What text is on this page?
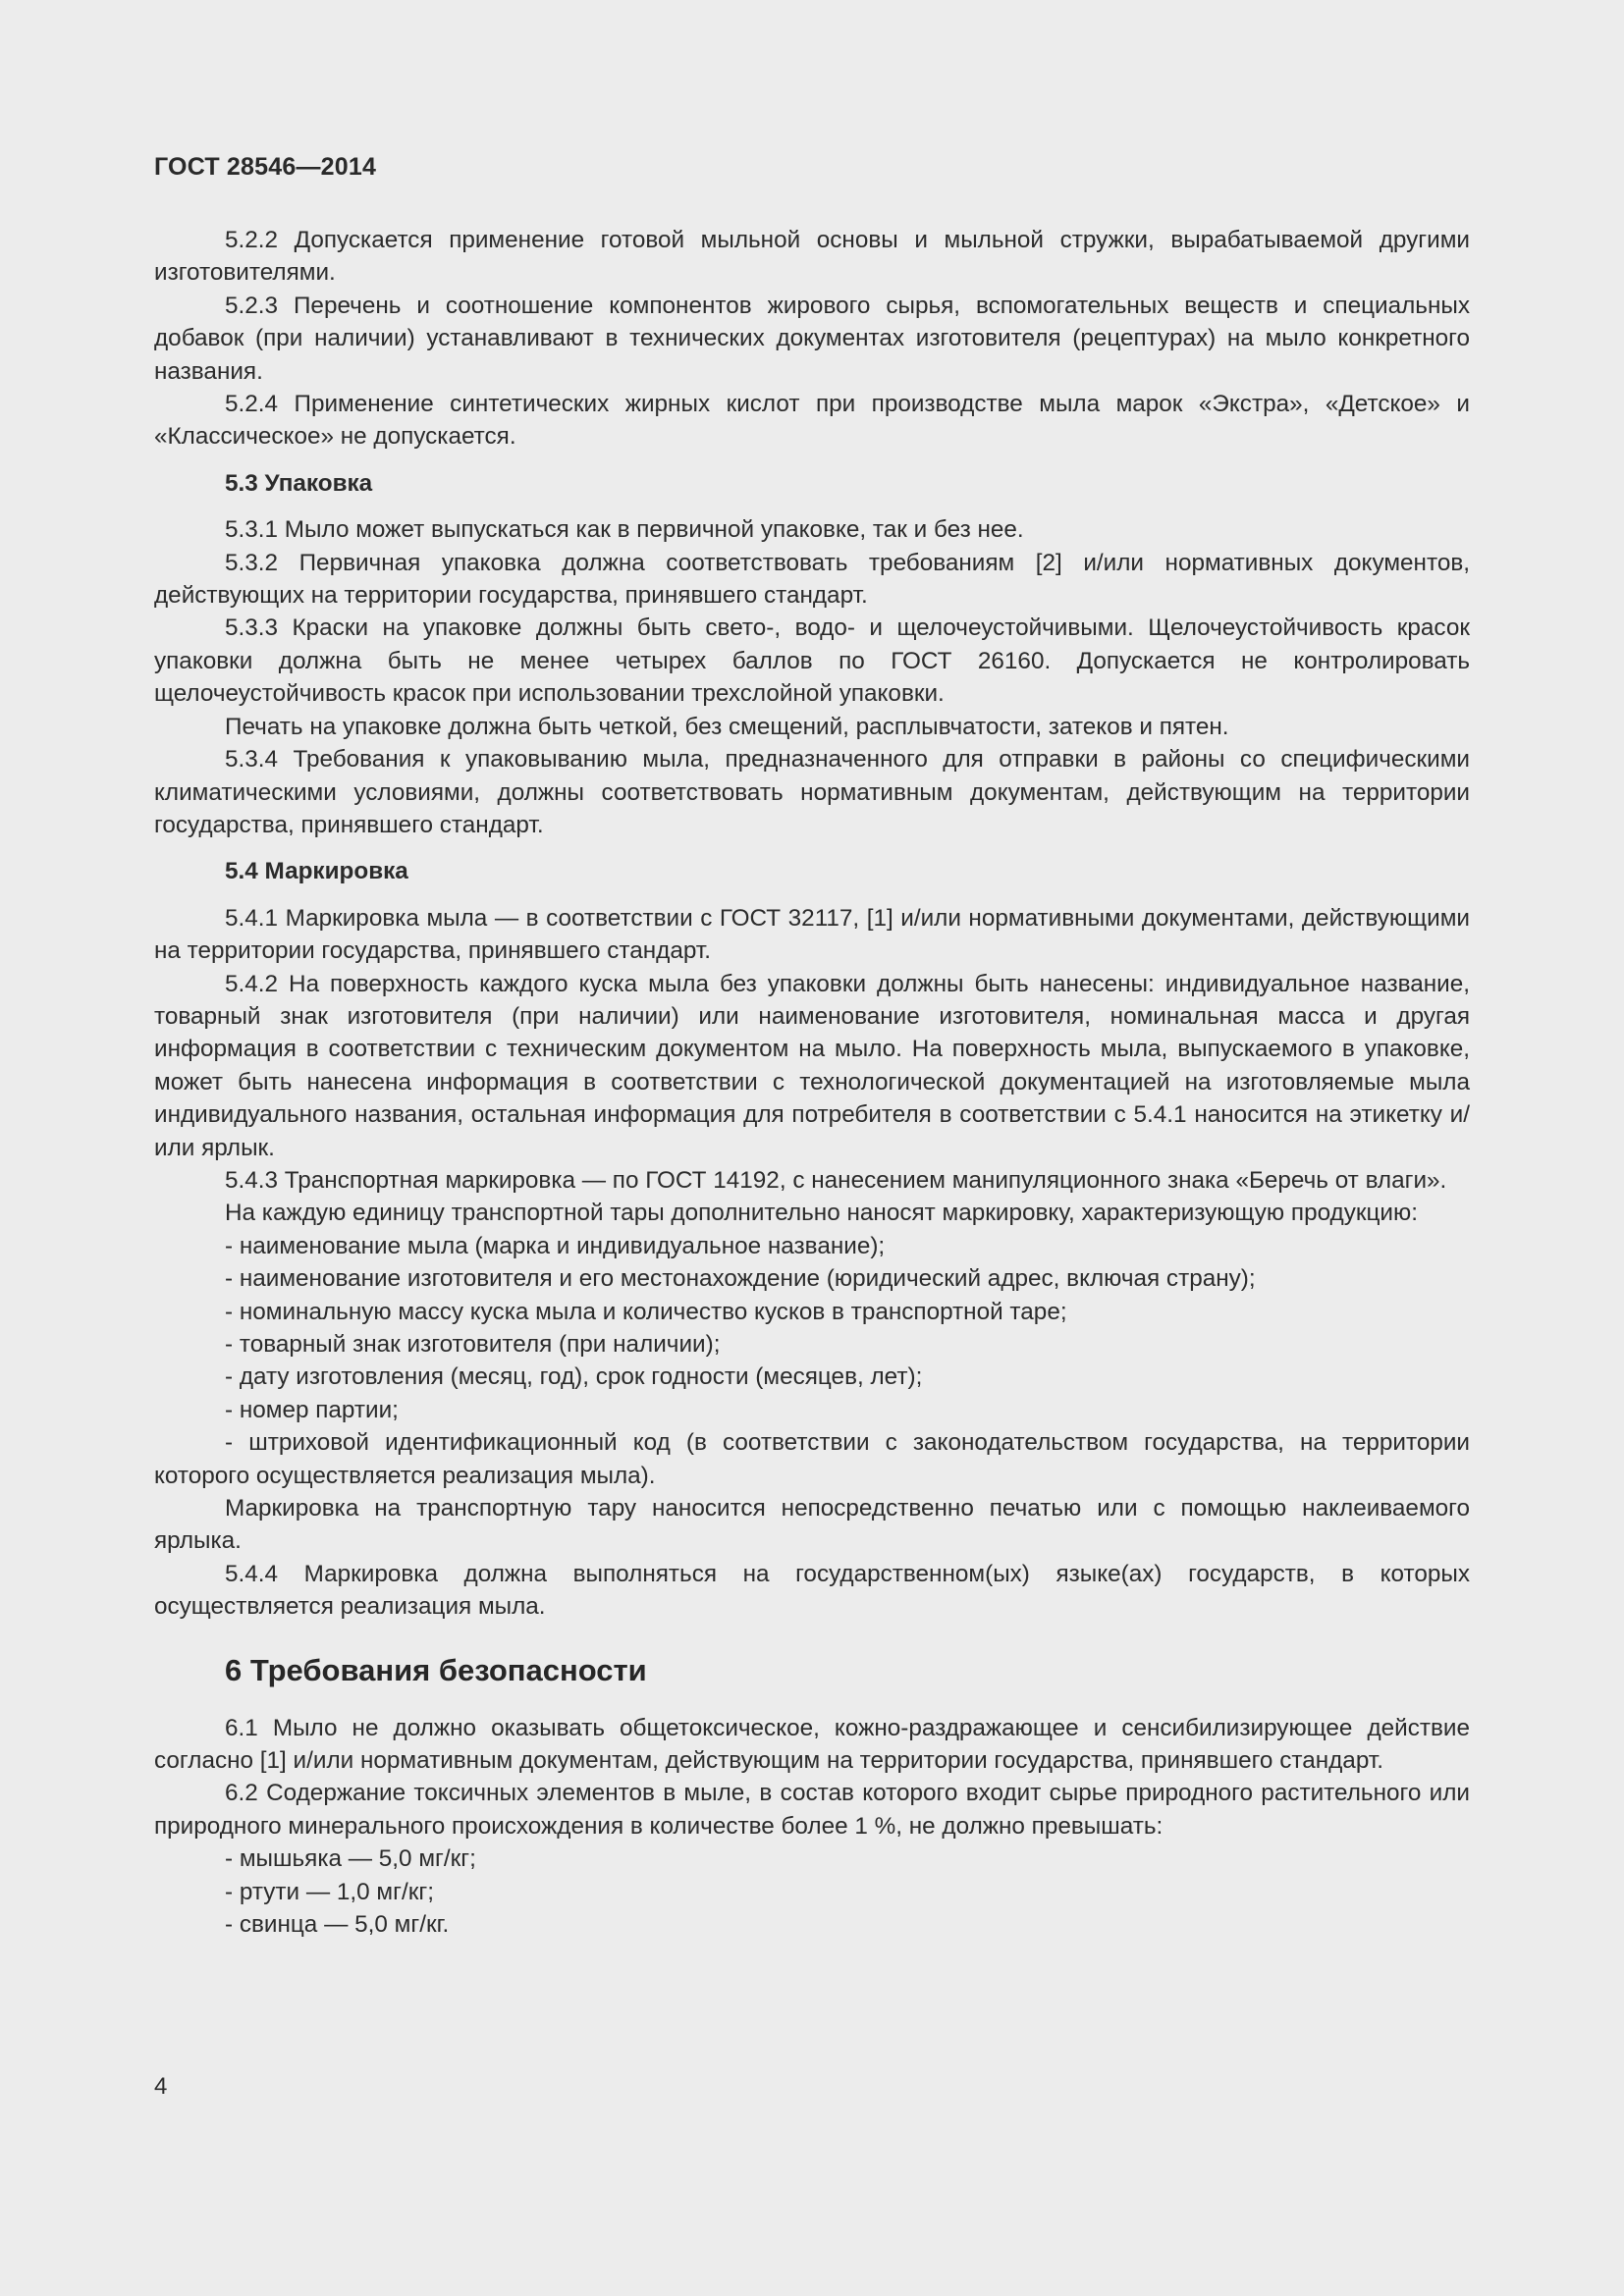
ГОСТ 28546—2014

5.2.2 Допускается применение готовой мыльной основы и мыльной стружки, вырабатываемой другими изготовителями.

5.2.3 Перечень и соотношение компонентов жирового сырья, вспомогательных веществ и специальных добавок (при наличии) устанавливают в технических документах изготовителя (рецептурах) на мыло конкретного названия.

5.2.4 Применение синтетических жирных кислот при производстве мыла марок «Экстра», «Детское» и «Классическое» не допускается.

5.3 Упаковка

5.3.1 Мыло может выпускаться как в первичной упаковке, так и без нее.

5.3.2 Первичная упаковка должна соответствовать требованиям [2] и/или нормативных документов, действующих на территории государства, принявшего стандарт.

5.3.3 Краски на упаковке должны быть свето-, водо- и щелочеустойчивыми. Щелочеустойчивость красок упаковки должна быть не менее четырех баллов по ГОСТ 26160. Допускается не контролировать щелочеустойчивость красок при использовании трехслойной упаковки.

Печать на упаковке должна быть четкой, без смещений, расплывчатости, затеков и пятен.

5.3.4 Требования к упаковыванию мыла, предназначенного для отправки в районы со специфическими климатическими условиями, должны соответствовать нормативным документам, действующим на территории государства, принявшего стандарт.

5.4 Маркировка

5.4.1 Маркировка мыла — в соответствии с ГОСТ 32117, [1] и/или нормативными документами, действующими на территории государства, принявшего стандарт.

5.4.2 На поверхность каждого куска мыла без упаковки должны быть нанесены: индивидуальное название, товарный знак изготовителя (при наличии) или наименование изготовителя, номинальная масса и другая информация в соответствии с техническим документом на мыло. На поверхность мыла, выпускаемого в упаковке, может быть нанесена информация в соответствии с технологической документацией на изготовляемые мыла индивидуального названия, остальная информация для потребителя в соответствии с 5.4.1 наносится на этикетку и/или ярлык.

5.4.3 Транспортная маркировка — по ГОСТ 14192, с нанесением манипуляционного знака «Беречь от влаги».

На каждую единицу транспортной тары дополнительно наносят маркировку, характеризующую продукцию:

- наименование мыла (марка и индивидуальное название);

- наименование изготовителя и его местонахождение (юридический адрес, включая страну);

- номинальную массу куска мыла и количество кусков в транспортной таре;

- товарный знак изготовителя (при наличии);

- дату изготовления (месяц, год), срок годности (месяцев, лет);

- номер партии;

- штриховой идентификационный код (в соответствии с законодательством государства, на территории которого осуществляется реализация мыла).

Маркировка на транспортную тару наносится непосредственно печатью или с помощью наклеиваемого ярлыка.

5.4.4 Маркировка должна выполняться на государственном(ых) языке(ах) государств, в которых осуществляется реализация мыла.

6 Требования безопасности

6.1 Мыло не должно оказывать общетоксическое, кожно-раздражающее и сенсибилизирующее действие согласно [1] и/или нормативным документам, действующим на территории государства, принявшего стандарт.

6.2 Содержание токсичных элементов в мыле, в состав которого входит сырье природного растительного или природного минерального происхождения в количестве более 1 %, не должно превышать:

- мышьяка — 5,0 мг/кг;

- ртути — 1,0 мг/кг;

- свинца — 5,0 мг/кг.

4
